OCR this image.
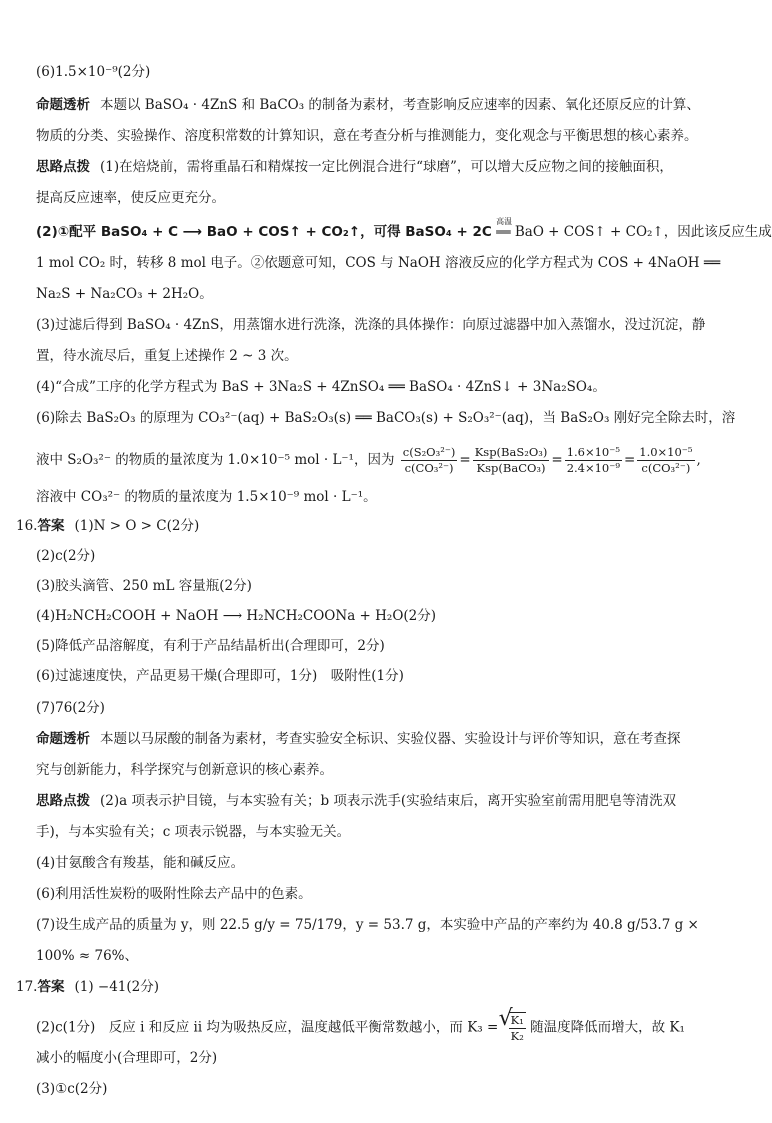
(6)1.5×10⁻⁹(2分)
命题透析 本题以 BaSO₄ · 4ZnS 和 BaCO₃ 的制备为素材，考查影响反应速率的因素、氧化还原反应的计算、
物质的分类、实验操作、溶度积常数的计算知识，意在考查分析与推测能力，变化观念与平衡思想的核心素养。
思路点拨 (1)在焙烧前，需将重晶石和精煤按一定比例混合进行“球磨”，可以增大反应物之间的接触面积，
提高反应速率，使反应更充分。
(2)①配平 BaSO₄ + C ⟶ BaO + COS↑ + CO₂↑，可得 BaSO₄ + 2C
高温
══ BaO + COS↑ + CO₂↑，因此该反应生成
1 mol CO₂ 时，转移 8 mol 电子。②依题意可知，COS 与 NaOH 溶液反应的化学方程式为 COS + 4NaOH ══
Na₂S + Na₂CO₃ + 2H₂O。
(3)过滤后得到 BaSO₄ · 4ZnS，用蒸馏水进行洗涤，洗涤的具体操作：向原过滤器中加入蒸馏水，没过沉淀，静
置，待水流尽后，重复上述操作 2 ~ 3 次。
(4)“合成”工序的化学方程式为 BaS + 3Na₂S + 4ZnSO₄ ══ BaSO₄ · 4ZnS↓ + 3Na₂SO₄。
(6)除去 BaS₂O₃ 的原理为 CO₃²⁻(aq) + BaS₂O₃(s) ══ BaCO₃(s) + S₂O₃²⁻(aq)，当 BaS₂O₃ 刚好完全除去时，溶
液中 S₂O₃²⁻ 的物质的量浓度为 1.0×10⁻⁵ mol · L⁻¹，因为 $\frac{\text{c(S₂O₃²⁻)}}{\text{c(CO₃²⁻)}} = \frac{\text{Ksp(BaS₂O₃)}}{\text{Ksp(BaCO₃)}} = \frac{\text{1.6×10⁻⁵}}{\text{2.4×10⁻⁹}} = \frac{\text{1.0×10⁻⁵}}{\text{c(CO₃²⁻)}}$ ,
溶液中 CO₃²⁻ 的物质的量浓度为 1.5×10⁻⁹ mol · L⁻¹。
16.答案 (1)N > O > C(2分)
(2)c(2分)
(3)胶头滴管、250 mL 容量瓶(2分)
(4)H₂NCH₂COOH + NaOH ⟶ H₂NCH₂COONa + H₂O(2分)
(5)降低产品溶解度，有利于产品结晶析出(合理即可，2分)
(6)过滤速度快，产品更易干燥(合理即可，1分)　吸附性(1分)
(7)76(2分)
命题透析 本题以马尿酸的制备为素材，考查实验安全标识、实验仪器、实验设计与评价等知识，意在考查探
究与创新能力，科学探究与创新意识的核心素养。
思路点拨 (2)a 项表示护目镜，与本实验有关；b 项表示洗手(实验结束后，离开实验室前需用肥皂等清洗双
手)，与本实验有关；c 项表示锐器，与本实验无关。
(4)甘氨酸含有羧基，能和碱反应。
(6)利用活性炭粉的吸附性除去产品中的色素。
(7)设生成产品的质量为 y，则 22.5 g/y = 75/179，y = 53.7 g，本实验中产品的产率约为 40.8 g/53.7 g ×
100% ≈ 76%、
17.答案 (1) −41(2分)
(2)c(1分)　反应 ⅰ 和反应 ⅱ 均为吸热反应，温度越低平衡常数越小，而 K₃ = √ $\frac{\text{K₁}}{\text{K₂}}$ 随温度降低而增大，故 K₁
减小的幅度小(合理即可，2分)
(3)①c(2分)
